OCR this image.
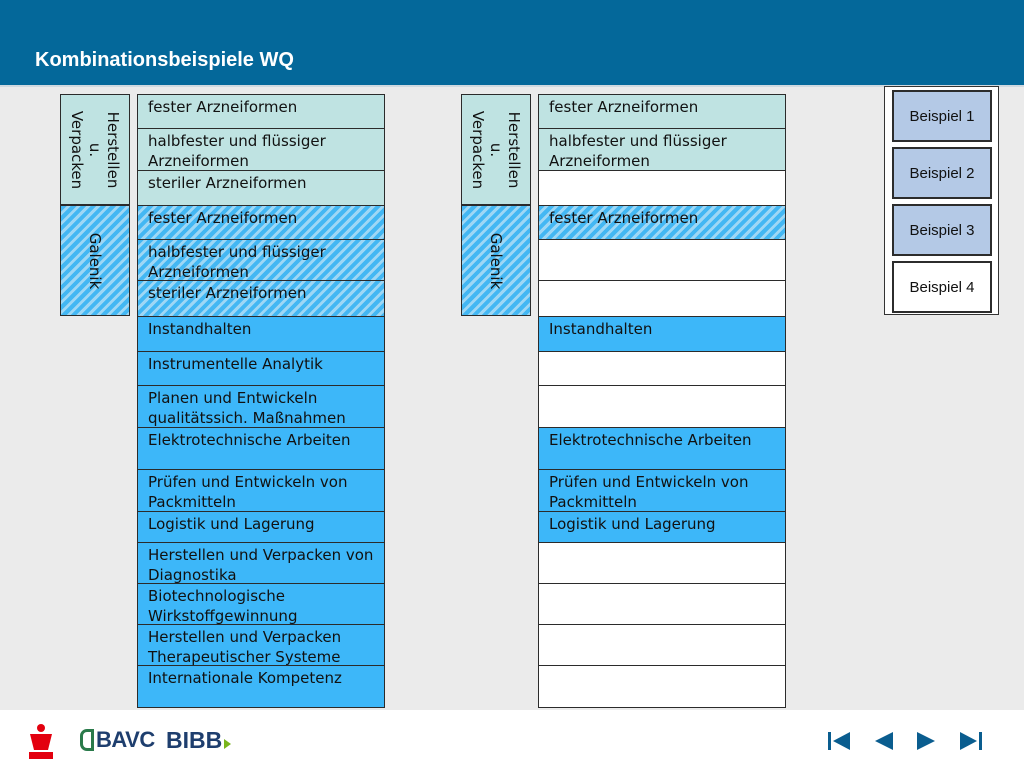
Kombinationsbeispiele WQ
Herstellen
u.
Verpacken
Galenik
fester Arzneiformen
halbfester und flüssiger Arzneiformen
steriler Arzneiformen
fester Arzneiformen
halbfester und flüssiger Arzneiformen
steriler Arzneiformen
Instandhalten
Instrumentelle Analytik
Planen und Entwickeln qualitätssich. Maßnahmen
Elektrotechnische Arbeiten
Prüfen und Entwickeln von Packmitteln
Logistik und Lagerung
Herstellen und Verpacken von Diagnostika
Biotechnologische Wirkstoffgewinnung
Herstellen und Verpacken Therapeutischer Systeme
Internationale Kompetenz
Herstellen
u.
Verpacken
Galenik
fester Arzneiformen
halbfester und flüssiger Arzneiformen
fester Arzneiformen
Instandhalten
Elektrotechnische Arbeiten
Prüfen und Entwickeln von Packmitteln
Logistik und Lagerung
Beispiel 1
Beispiel 2
Beispiel 3
Beispiel 4
BAVC BIBB
